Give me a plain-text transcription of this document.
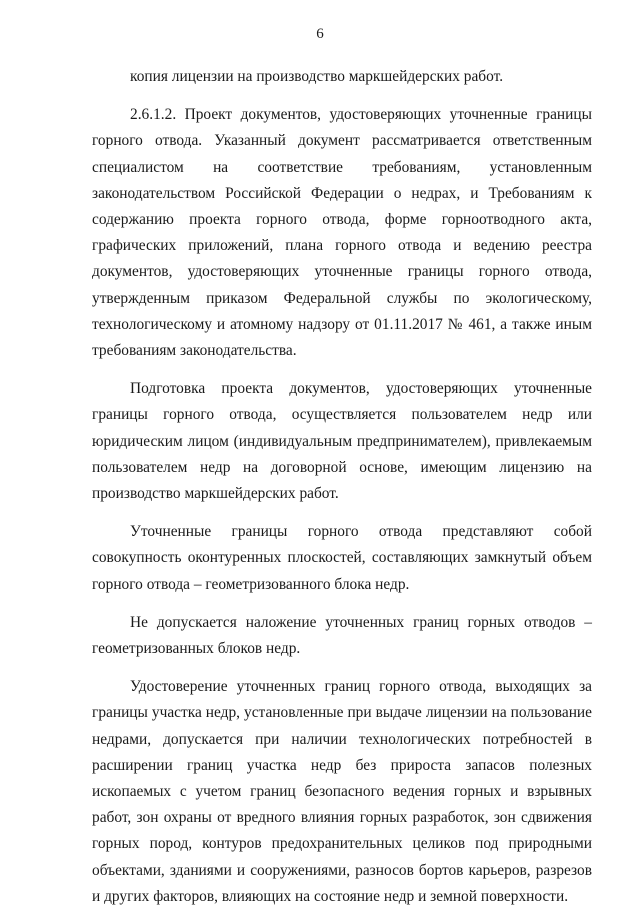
6

копия лицензии на производство маркшейдерских работ.

2.6.1.2. Проект документов, удостоверяющих уточненные границы горного отвода. Указанный документ рассматривается ответственным специалистом на соответствие требованиям, установленным законодательством Российской Федерации о недрах, и Требованиям к содержанию проекта горного отвода, форме горноотводного акта, графических приложений, плана горного отвода и ведению реестра документов, удостоверяющих уточненные границы горного отвода, утвержденным приказом Федеральной службы по экологическому, технологическому и атомному надзору от 01.11.2017 № 461, а также иным требованиям законодательства.

Подготовка проекта документов, удостоверяющих уточненные границы горного отвода, осуществляется пользователем недр или юридическим лицом (индивидуальным предпринимателем), привлекаемым пользователем недр на договорной основе, имеющим лицензию на производство маркшейдерских работ.

Уточненные границы горного отвода представляют собой совокупность оконтуренных плоскостей, составляющих замкнутый объем горного отвода – геометризованного блока недр.

Не допускается наложение уточненных границ горных отводов – геометризованных блоков недр.

Удостоверение уточненных границ горного отвода, выходящих за границы участка недр, установленные при выдаче лицензии на пользование недрами, допускается при наличии технологических потребностей в расширении границ участка недр без прироста запасов полезных ископаемых с учетом границ безопасного ведения горных и взрывных работ, зон охраны от вредного влияния горных разработок, зон сдвижения горных пород, контуров предохранительных целиков под природными объектами, зданиями и сооружениями, разносов бортов карьеров, разрезов и других факторов, влияющих на состояние недр и земной поверхности.
